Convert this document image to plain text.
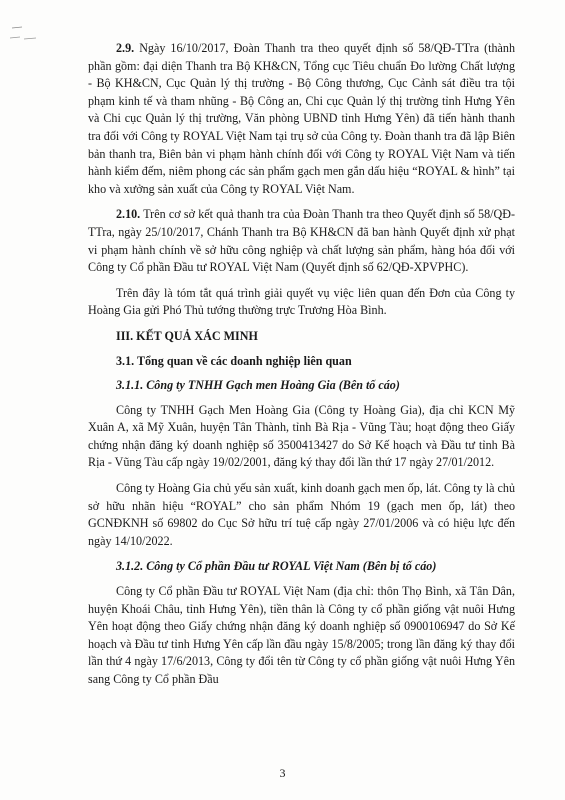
2.9. Ngày 16/10/2017, Đoàn Thanh tra theo quyết định số 58/QĐ-TTra (thành phần gồm: đại diện Thanh tra Bộ KH&CN, Tổng cục Tiêu chuẩn Đo lường Chất lượng - Bộ KH&CN, Cục Quản lý thị trường - Bộ Công thương, Cục Cảnh sát điều tra tội phạm kinh tế và tham nhũng - Bộ Công an, Chi cục Quản lý thị trường tỉnh Hưng Yên và Chi cục Quản lý thị trường, Văn phòng UBND tỉnh Hưng Yên) đã tiến hành thanh tra đối với Công ty ROYAL Việt Nam tại trụ sở của Công ty. Đoàn thanh tra đã lập Biên bản thanh tra, Biên bản vi phạm hành chính đối với Công ty ROYAL Việt Nam và tiến hành kiểm đếm, niêm phong các sản phẩm gạch men gắn dấu hiệu “ROYAL & hình” tại kho và xưởng sản xuất của Công ty ROYAL Việt Nam.

2.10. Trên cơ sở kết quả thanh tra của Đoàn Thanh tra theo Quyết định số 58/QĐ-TTra, ngày 25/10/2017, Chánh Thanh tra Bộ KH&CN đã ban hành Quyết định xử phạt vi phạm hành chính về sở hữu công nghiệp và chất lượng sản phẩm, hàng hóa đối với Công ty Cổ phần Đầu tư ROYAL Việt Nam (Quyết định số 62/QĐ-XPVPHC).

Trên đây là tóm tắt quá trình giải quyết vụ việc liên quan đến Đơn của Công ty Hoàng Gia gửi Phó Thủ tướng thường trực Trương Hòa Bình.

III. KẾT QUẢ XÁC MINH

3.1. Tổng quan về các doanh nghiệp liên quan

3.1.1. Công ty TNHH Gạch men Hoàng Gia (Bên tố cáo)

Công ty TNHH Gạch Men Hoàng Gia (Công ty Hoàng Gia), địa chỉ KCN Mỹ Xuân A, xã Mỹ Xuân, huyện Tân Thành, tỉnh Bà Rịa - Vũng Tàu; hoạt động theo Giấy chứng nhận đăng ký doanh nghiệp số 3500413427 do Sở Kế hoạch và Đầu tư tỉnh Bà Rịa - Vũng Tàu cấp ngày 19/02/2001, đăng ký thay đổi lần thứ 17 ngày 27/01/2012.

Công ty Hoàng Gia chủ yếu sản xuất, kinh doanh gạch men ốp, lát. Công ty là chủ sở hữu nhãn hiệu “ROYAL” cho sản phẩm Nhóm 19 (gạch men ốp, lát) theo GCNĐKNH số 69802 do Cục Sở hữu trí tuệ cấp ngày 27/01/2006 và có hiệu lực đến ngày 14/10/2022.

3.1.2. Công ty Cổ phần Đầu tư ROYAL Việt Nam (Bên bị tố cáo)

Công ty Cổ phần Đầu tư ROYAL Việt Nam (địa chỉ: thôn Thọ Bình, xã Tân Dân, huyện Khoái Châu, tỉnh Hưng Yên), tiền thân là Công ty cổ phần giống vật nuôi Hưng Yên hoạt động theo Giấy chứng nhận đăng ký doanh nghiệp số 0900106947 do Sở Kế hoạch và Đầu tư tỉnh Hưng Yên cấp lần đầu ngày 15/8/2005; trong lần đăng ký thay đổi lần thứ 4 ngày 17/6/2013, Công ty đổi tên từ Công ty cổ phần giống vật nuôi Hưng Yên sang Công ty Cổ phần Đầu

3
